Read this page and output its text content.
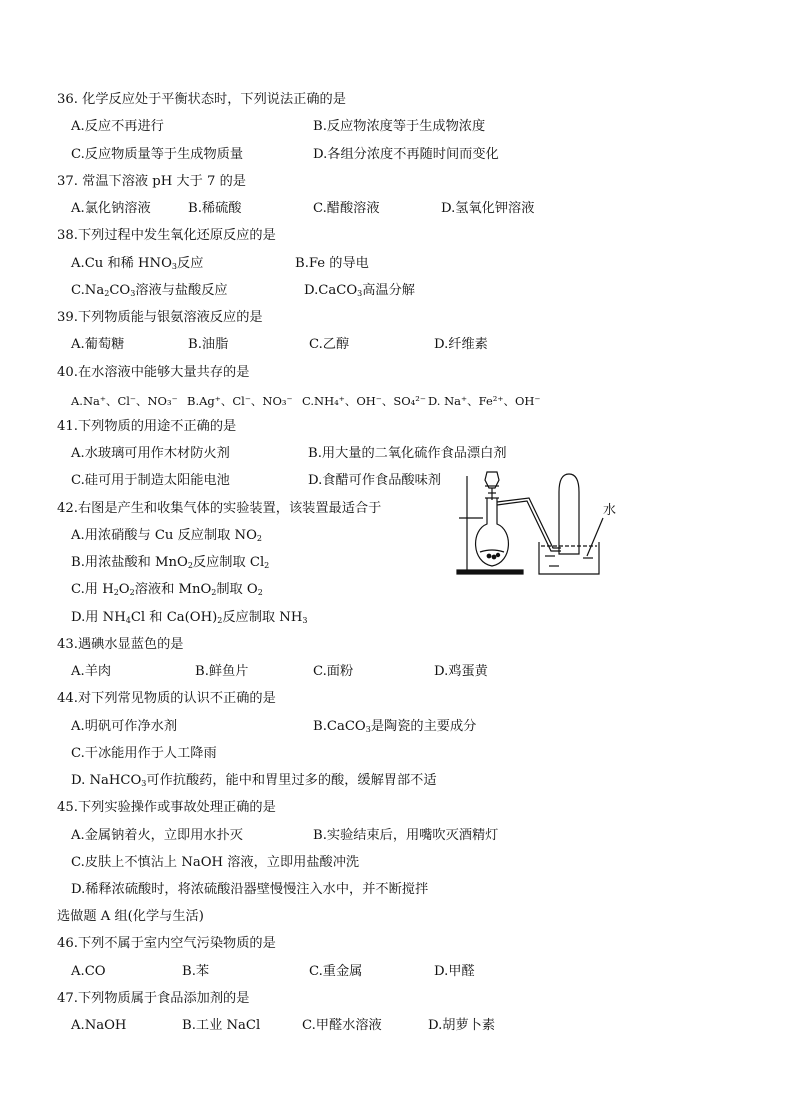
36. 化学反应处于平衡状态时，下列说法正确的是
A.反应不再进行	B.反应物浓度等于生成物浓度
C.反应物质量等于生成物质量	D.各组分浓度不再随时间而变化
37. 常温下溶液 pH 大于 7 的是
A.氯化钠溶液	B.稀硫酸	C.醋酸溶液	D.氢氧化钾溶液
38.下列过程中发生氧化还原反应的是
A.Cu 和稀 $HNO_3$反应	B.Fe 的导电
$C.Na_2CO_3$溶液与盐酸反应	D.CaCO$_3$高温分解
39.下列物质能与银氨溶液反应的是
A.葡萄糖	B.油脂	C.乙醇	D.纤维素
40.在水溶液中能够大量共存的是
A.Na⁺、Cl⁻、NO₃⁻ B.Ag⁺、Cl⁻、NO₃⁻ C.NH₄⁺、OH⁻、SO₄²⁻ D. Na⁺、Fe²⁺、OH⁻
41.下列物质的用途不正确的是
A.水玻璃可用作木材防火剂	B.用大量的二氧化硫作食品漂白剂
C.硅可用于制造太阳能电池	D.食醋可作食品酸味剂
42.右图是产生和收集气体的实验装置，该装置最适合于
A.用浓硝酸与 Cu 反应制取 $NO_2$
B.用浓盐酸和 MnO$_2$反应制取 $Cl_2$
C.用 $H_2O_2$溶液和 MnO$_2$制取 $O_2$
D.用 $NH_4Cl$ 和 $Ca(OH)_2$反应制取 $NH_3$
水
43.遇碘水显蓝色的是
A.羊肉	B.鲜鱼片	C.面粉	D.鸡蛋黄
44.对下列常见物质的认识不正确的是
A.明矾可作净水剂	B.CaCO$_3$是陶瓷的主要成分
C.干冰能用作于人工降雨
D. NaHCO$_3$可作抗酸药，能中和胃里过多的酸，缓解胃部不适
45.下列实验操作或事故处理正确的是
A.金属钠着火，立即用水扑灭	B.实验结束后，用嘴吹灭酒精灯
C.皮肤上不慎沾上 NaOH 溶液，立即用盐酸冲洗
D.稀释浓硫酸时，将浓硫酸沿器壁慢慢注入水中，并不断搅拌
选做题 A 组(化学与生活)
46.下列不属于室内空气污染物质的是
A.CO	B.苯	C.重金属	D.甲醛
47.下列物质属于食品添加剂的是
A.NaOH	B.工业 NaCl	C.甲醛水溶液	D.胡萝卜素
